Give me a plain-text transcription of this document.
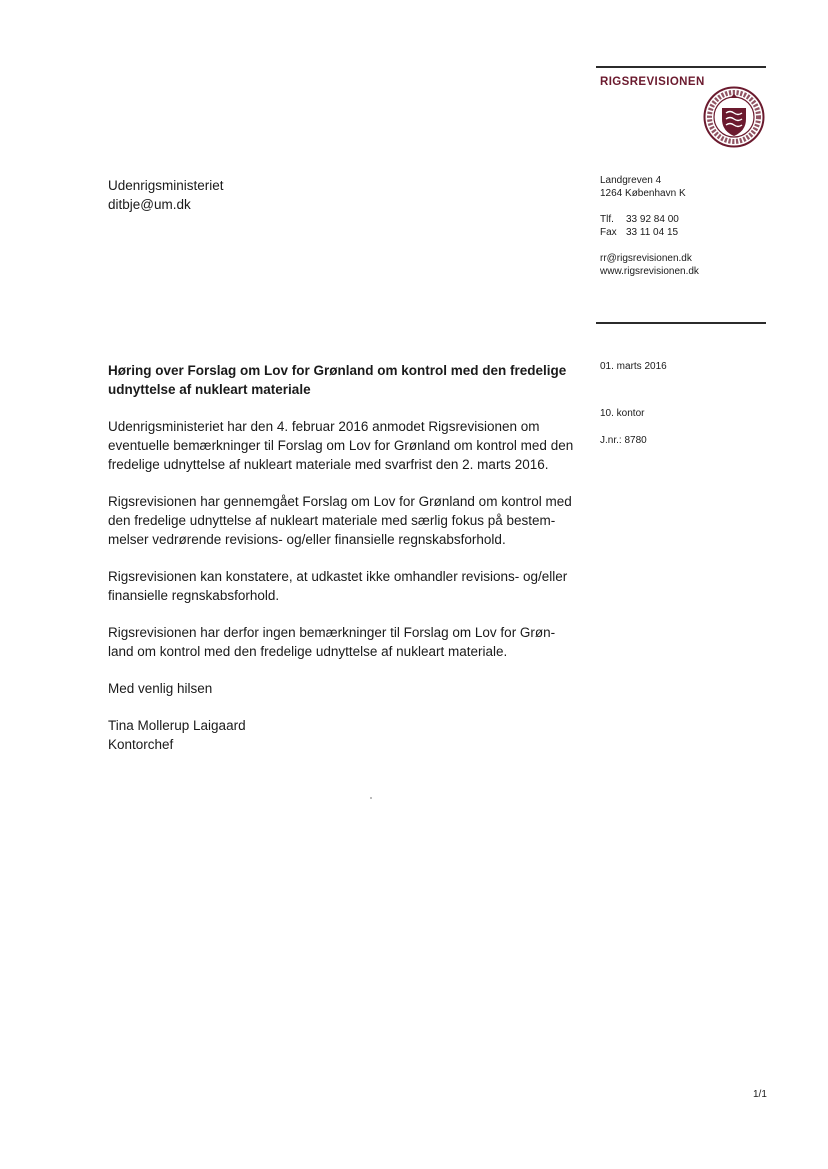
RIGSREVISIONEN
Udenrigsministeriet
ditbje@um.dk
Landgreven 4
1264 København K
Tlf. 33 92 84 00
Fax 33 11 04 15
rr@rigsrevisionen.dk
www.rigsrevisionen.dk
01. marts 2016
10. kontor
J.nr.: 8780
Høring over Forslag om Lov for Grønland om kontrol med den fredelige
udnyttelse af nukleart materiale

Udenrigsministeriet har den 4. februar 2016 anmodet Rigsrevisionen om
eventuelle bemærkninger til Forslag om Lov for Grønland om kontrol med den
fredelige udnyttelse af nukleart materiale med svarfrist den 2. marts 2016.

Rigsrevisionen har gennemgået Forslag om Lov for Grønland om kontrol med
den fredelige udnyttelse af nukleart materiale med særlig fokus på bestem-
melser vedrørende revisions- og/eller finansielle regnskabsforhold.

Rigsrevisionen kan konstatere, at udkastet ikke omhandler revisions- og/eller
finansielle regnskabsforhold.

Rigsrevisionen har derfor ingen bemærkninger til Forslag om Lov for Grøn-
land om kontrol med den fredelige udnyttelse af nukleart materiale.

Med venlig hilsen

Tina Mollerup Laigaard
Kontorchef
1/1
